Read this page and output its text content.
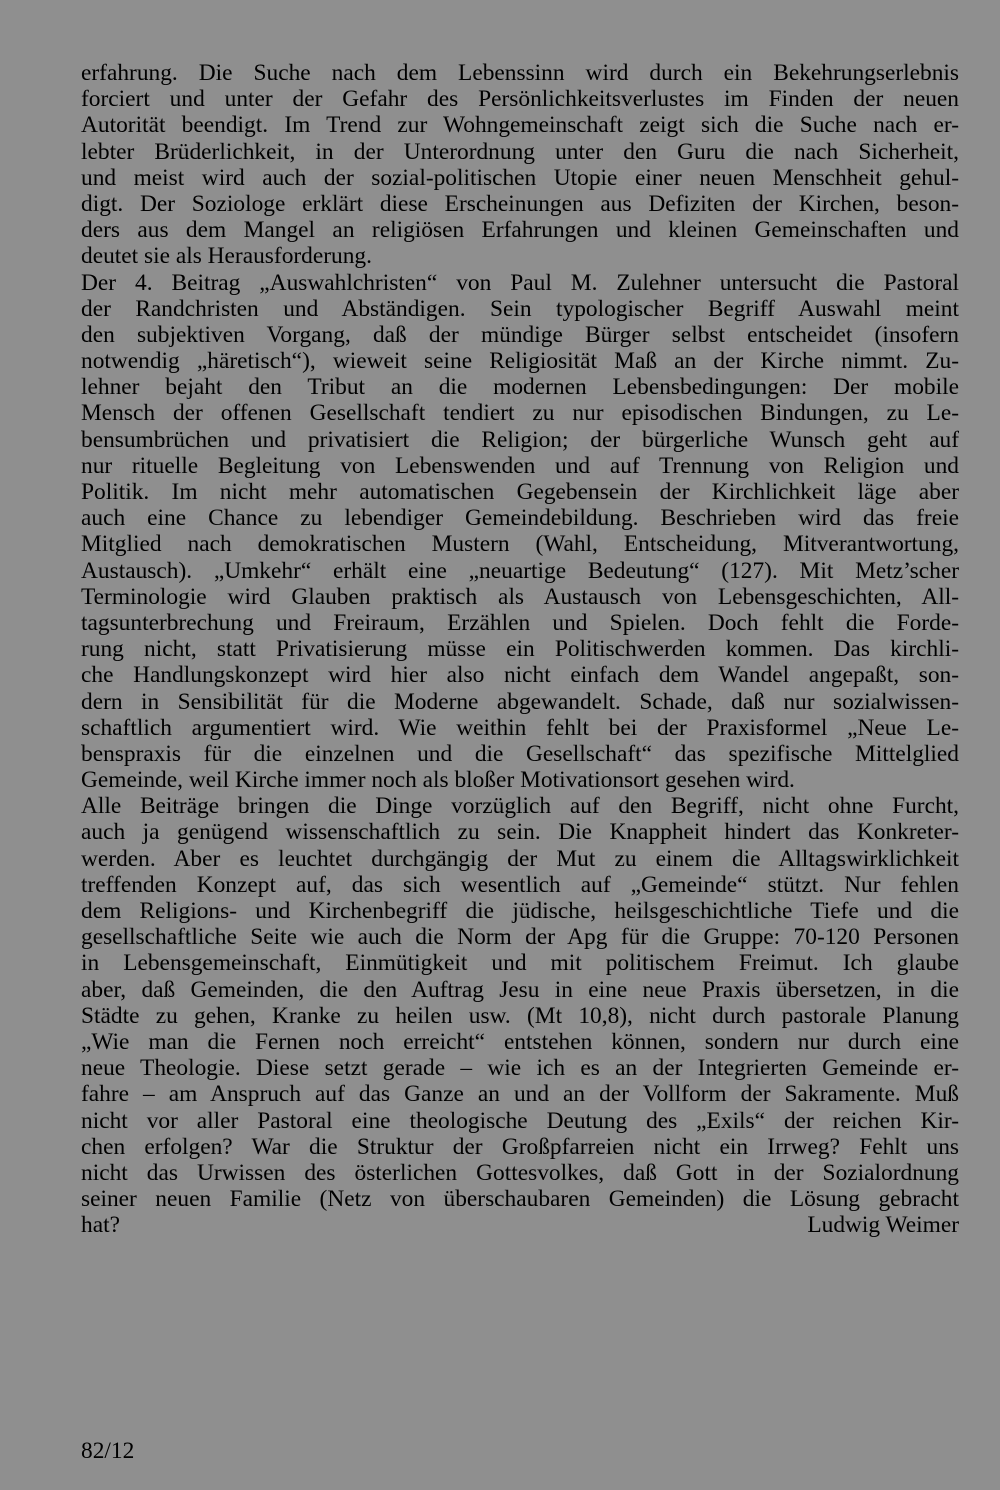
erfahrung. Die Suche nach dem Lebenssinn wird durch ein Bekehrungserlebnis
forciert und unter der Gefahr des Persönlichkeitsverlustes im Finden der neuen
Autorität beendigt. Im Trend zur Wohngemeinschaft zeigt sich die Suche nach er-
lebter Brüderlichkeit, in der Unterordnung unter den Guru die nach Sicherheit,
und meist wird auch der sozial-politischen Utopie einer neuen Menschheit gehul-
digt. Der Soziologe erklärt diese Erscheinungen aus Defiziten der Kirchen, beson-
ders aus dem Mangel an religiösen Erfahrungen und kleinen Gemeinschaften und
deutet sie als Herausforderung.
Der 4. Beitrag „Auswahlchristen“ von Paul M. Zulehner untersucht die Pastoral
der Randchristen und Abständigen. Sein typologischer Begriff Auswahl meint
den subjektiven Vorgang, daß der mündige Bürger selbst entscheidet (insofern
notwendig „häretisch“), wieweit seine Religiosität Maß an der Kirche nimmt. Zu-
lehner bejaht den Tribut an die modernen Lebensbedingungen: Der mobile
Mensch der offenen Gesellschaft tendiert zu nur episodischen Bindungen, zu Le-
bensumbrüchen und privatisiert die Religion; der bürgerliche Wunsch geht auf
nur rituelle Begleitung von Lebenswenden und auf Trennung von Religion und
Politik. Im nicht mehr automatischen Gegebensein der Kirchlichkeit läge aber
auch eine Chance zu lebendiger Gemeindebildung. Beschrieben wird das freie
Mitglied nach demokratischen Mustern (Wahl, Entscheidung, Mitverantwortung,
Austausch). „Umkehr“ erhält eine „neuartige Bedeutung“ (127). Mit Metz’scher
Terminologie wird Glauben praktisch als Austausch von Lebensgeschichten, All-
tagsunterbrechung und Freiraum, Erzählen und Spielen. Doch fehlt die Forde-
rung nicht, statt Privatisierung müsse ein Politischwerden kommen. Das kirchli-
che Handlungskonzept wird hier also nicht einfach dem Wandel angepaßt, son-
dern in Sensibilität für die Moderne abgewandelt. Schade, daß nur sozialwissen-
schaftlich argumentiert wird. Wie weithin fehlt bei der Praxisformel „Neue Le-
benspraxis für die einzelnen und die Gesellschaft“ das spezifische Mittelglied
Gemeinde, weil Kirche immer noch als bloßer Motivationsort gesehen wird.
Alle Beiträge bringen die Dinge vorzüglich auf den Begriff, nicht ohne Furcht,
auch ja genügend wissenschaftlich zu sein. Die Knappheit hindert das Konkreter-
werden. Aber es leuchtet durchgängig der Mut zu einem die Alltagswirklichkeit
treffenden Konzept auf, das sich wesentlich auf „Gemeinde“ stützt. Nur fehlen
dem Religions- und Kirchenbegriff die jüdische, heilsgeschichtliche Tiefe und die
gesellschaftliche Seite wie auch die Norm der Apg für die Gruppe: 70-120 Personen
in Lebensgemeinschaft, Einmütigkeit und mit politischem Freimut. Ich glaube
aber, daß Gemeinden, die den Auftrag Jesu in eine neue Praxis übersetzen, in die
Städte zu gehen, Kranke zu heilen usw. (Mt 10,8), nicht durch pastorale Planung
„Wie man die Fernen noch erreicht“ entstehen können, sondern nur durch eine
neue Theologie. Diese setzt gerade – wie ich es an der Integrierten Gemeinde er-
fahre – am Anspruch auf das Ganze an und an der Vollform der Sakramente. Muß
nicht vor aller Pastoral eine theologische Deutung des „Exils“ der reichen Kir-
chen erfolgen? War die Struktur der Großpfarreien nicht ein Irrweg? Fehlt uns
nicht das Urwissen des österlichen Gottesvolkes, daß Gott in der Sozialordnung
seiner neuen Familie (Netz von überschaubaren Gemeinden) die Lösung gebracht
hat?	Ludwig Weimer
82/12
